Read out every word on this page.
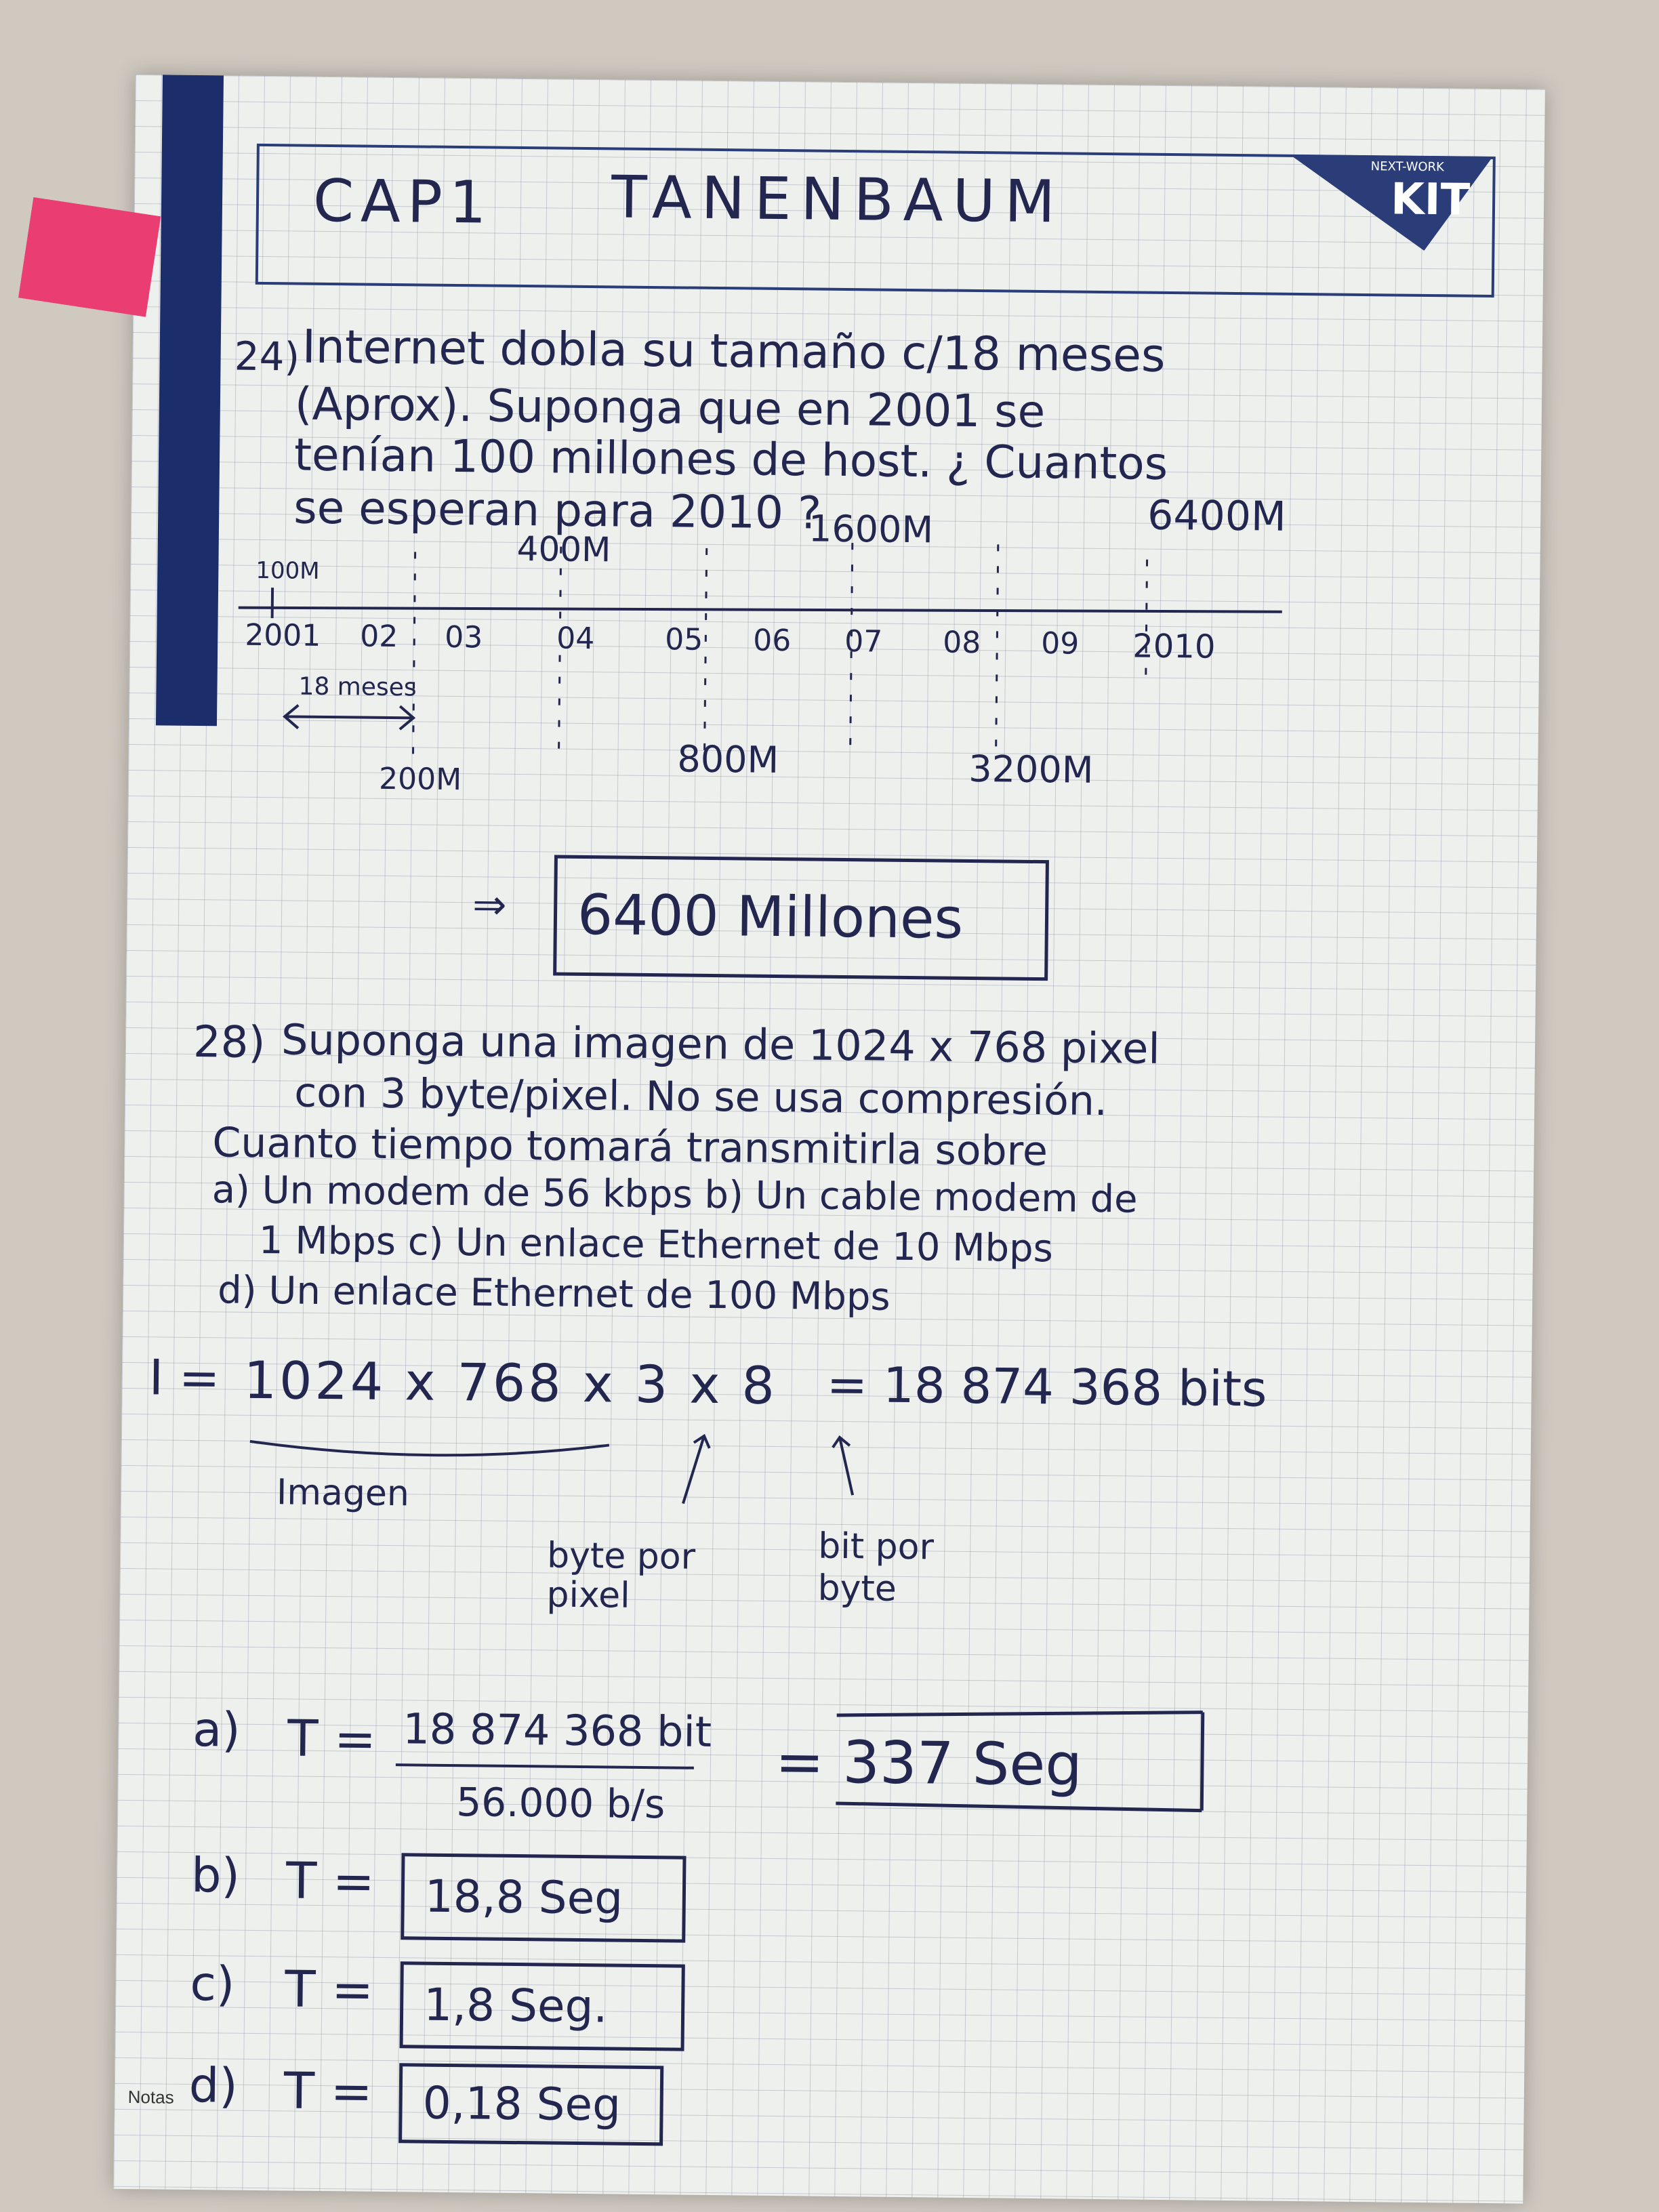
CAP1 TANENBAUM	NEXT-WORK
KIT
24) Internet dobla su tamaño c/18 meses
(Aprox). Suponga que en 2001 se
tenían 100 millones de host. ¿ Cuantos
se esperan para 2010 ?
2001 02 03 04 05 06 07 08 09 2010
100M
400M	1600M	6400M
18 meses
200M	800M	3200M
⇒	6400 Millones
28) Suponga una imagen de 1024 x 768 pixel
con 3 byte/pixel. No se usa compresión.
Cuanto tiempo tomará transmitirla sobre
a) Un modem de 56 kbps b) Un cable modem de
1 Mbps c) Un enlace Ethernet de 10 Mbps
d) Un enlace Ethernet de 100 Mbps
I = 1024 x 768 x 3 x 8 = 18 874 368 bits
Imagen
byte por pixel
bit por byte
a) T = 18 874 368 bit
56.000 b/s
= 337 Seg
b) T =	18,8 Seg
c) T =	1,8 Seg.
d) T =	0,18 Seg
Notas
